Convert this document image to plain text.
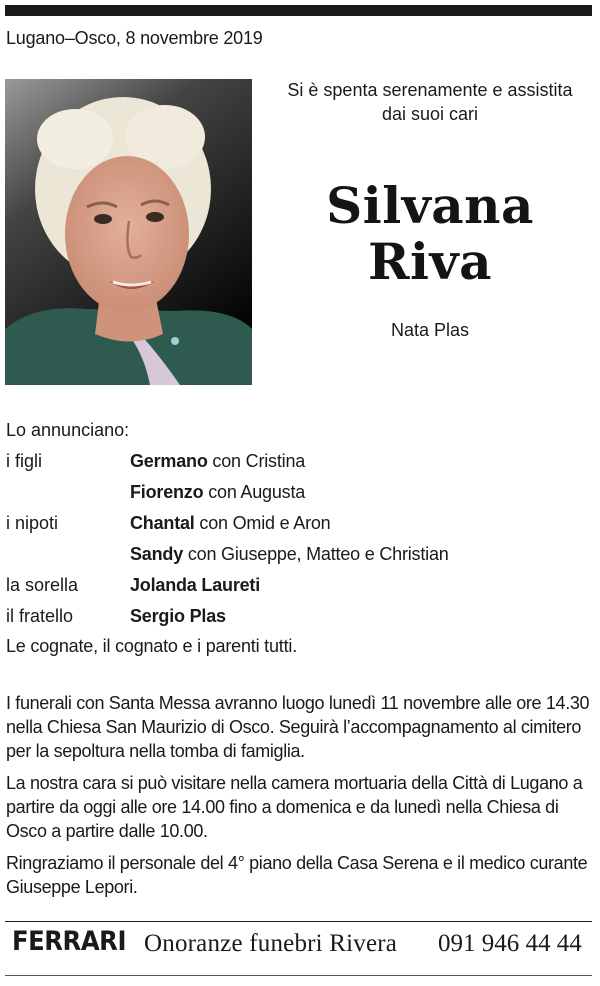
Lugano–Osco, 8 novembre 2019
Si è spenta serenamente e assistita
dai suoi cari
Silvana
Riva
Nata Plas
Lo annunciano:
i figli	Germano con Cristina
Fiorenzo con Augusta
i nipoti	Chantal con Omid e Aron
Sandy con Giuseppe, Matteo e Christian
la sorella	Jolanda Laureti
il fratello	Sergio Plas
Le cognate, il cognato e i parenti tutti.
I funerali con Santa Messa avranno luogo lunedì 11 novembre alle ore 14.30 nella Chiesa San Maurizio di Osco. Seguirà l’accompagnamento al cimitero per la sepoltura nella tomba di famiglia.
La nostra cara si può visitare nella camera mortuaria della Città di Lugano a partire da oggi alle ore 14.00 fino a domenica e da lunedì nella Chiesa di Osco a partire dalle 10.00.
Ringraziamo il personale del 4° piano della Casa Serena e il medico curante Giuseppe Lepori.
FERRARI Onoranze funebri Rivera 091 946 44 44
